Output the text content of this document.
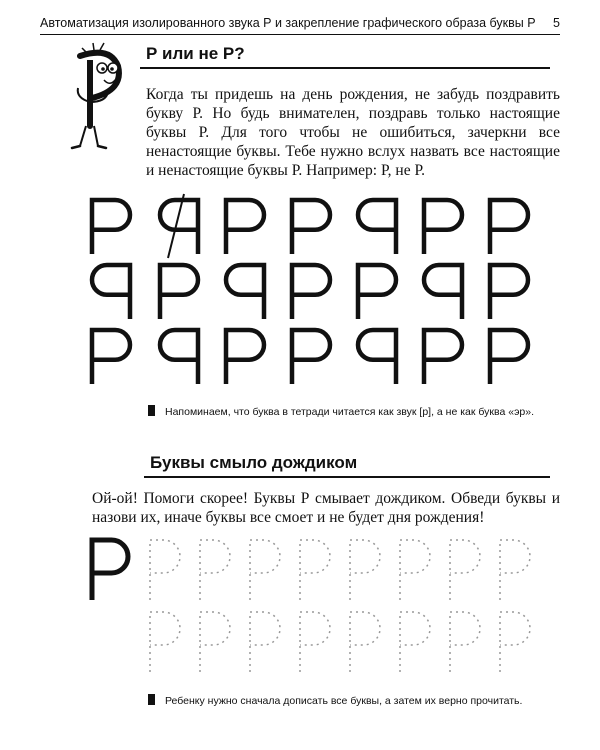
Автоматизация изолированного звука Р и закрепление графического образа буквы Р 5
Р или не Р?
Когда ты придешь на день рождения, не забудь поздравить букву Р. Но будь внимателен, поздравь только настоящие буквы Р. Для того чтобы не ошибиться, зачеркни все ненастоящие буквы. Тебе нужно вслух назвать все настоящие и ненастоящие буквы Р. Например: Р, не Р.
Напоминаем, что буква в тетради читается как звук [р], а не как буква «эр».
Буквы смыло дождиком
Ой-ой! Помоги скорее! Буквы Р смывает дождиком. Обведи буквы и назови их, иначе буквы все смоет и не будет дня рождения!
Ребенку нужно сначала дописать все буквы, а затем их верно прочитать.
